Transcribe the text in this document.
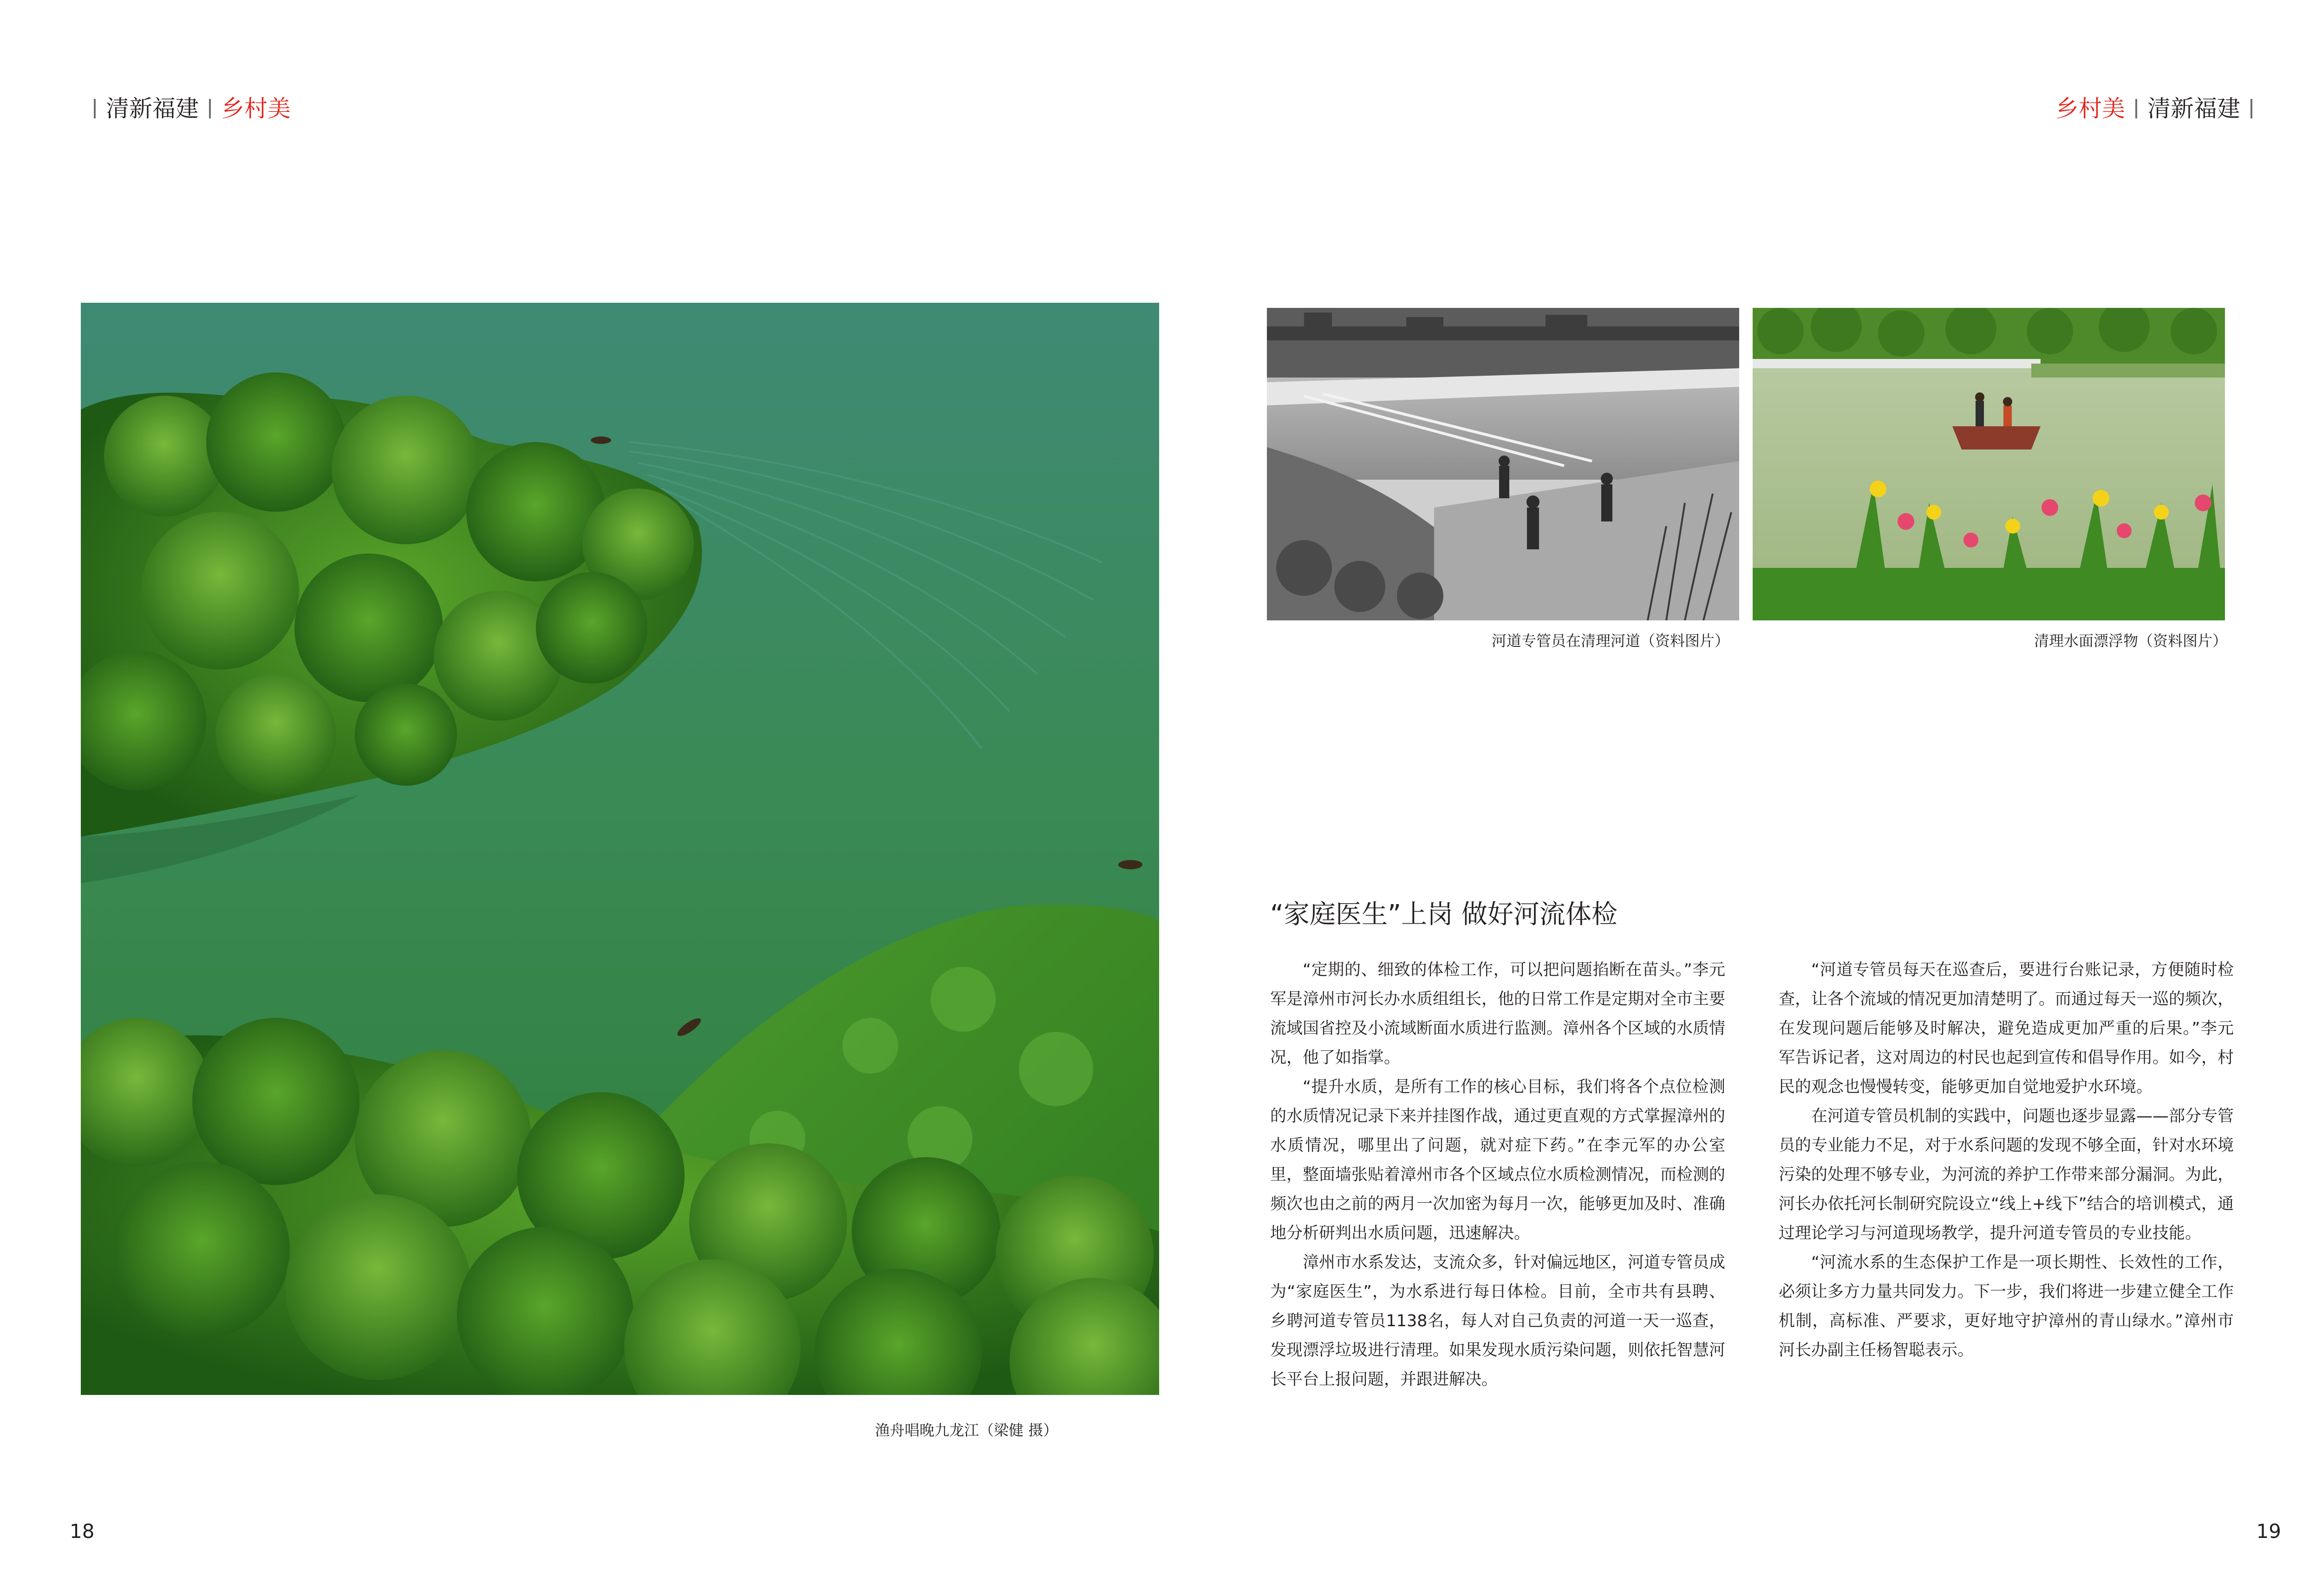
清新福建 乡村美	乡村美 清新福建
渔舟唱晚九龙江（梁健 摄）
河道专管员在清理河道（资料图片）	清理水面漂浮物（资料图片）
“家庭医生”上岗 做好河流体检

“定期的、细致的体检工作，可以把问题掐断在苗头。”李元军是漳州市河长办水质组组长，他的日常工作是定期对全市主要流域国省控及小流域断面水质进行监测。漳州各个区域的水质情况，他了如指掌。

“提升水质，是所有工作的核心目标，我们将各个点位检测的水质情况记录下来并挂图作战，通过更直观的方式掌握漳州的水质情况，哪里出了问题，就对症下药。”在李元军的办公室里，整面墙张贴着漳州市各个区域点位水质检测情况，而检测的频次也由之前的两月一次加密为每月一次，能够更加及时、准确地分析研判出水质问题，迅速解决。

漳州市水系发达，支流众多，针对偏远地区，河道专管员成为“家庭医生”，为水系进行每日体检。目前，全市共有县聘、乡聘河道专管员1138名，每人对自己负责的河道一天一巡查，发现漂浮垃圾进行清理。如果发现水质污染问题，则依托智慧河长平台上报问题，并跟进解决。

“河道专管员每天在巡查后，要进行台账记录，方便随时检查，让各个流域的情况更加清楚明了。而通过每天一巡的频次，在发现问题后能够及时解决，避免造成更加严重的后果。”李元军告诉记者，这对周边的村民也起到宣传和倡导作用。如今，村民的观念也慢慢转变，能够更加自觉地爱护水环境。

在河道专管员机制的实践中，问题也逐步显露——部分专管员的专业能力不足，对于水系问题的发现不够全面，针对水环境污染的处理不够专业，为河流的养护工作带来部分漏洞。为此，河长办依托河长制研究院设立“线上+线下”结合的培训模式，通过理论学习与河道现场教学，提升河道专管员的专业技能。

“河流水系的生态保护工作是一项长期性、长效性的工作，必须让多方力量共同发力。下一步，我们将进一步建立健全工作机制，高标准、严要求，更好地守护漳州的青山绿水。”漳州市河长办副主任杨智聪表示。

18	19
